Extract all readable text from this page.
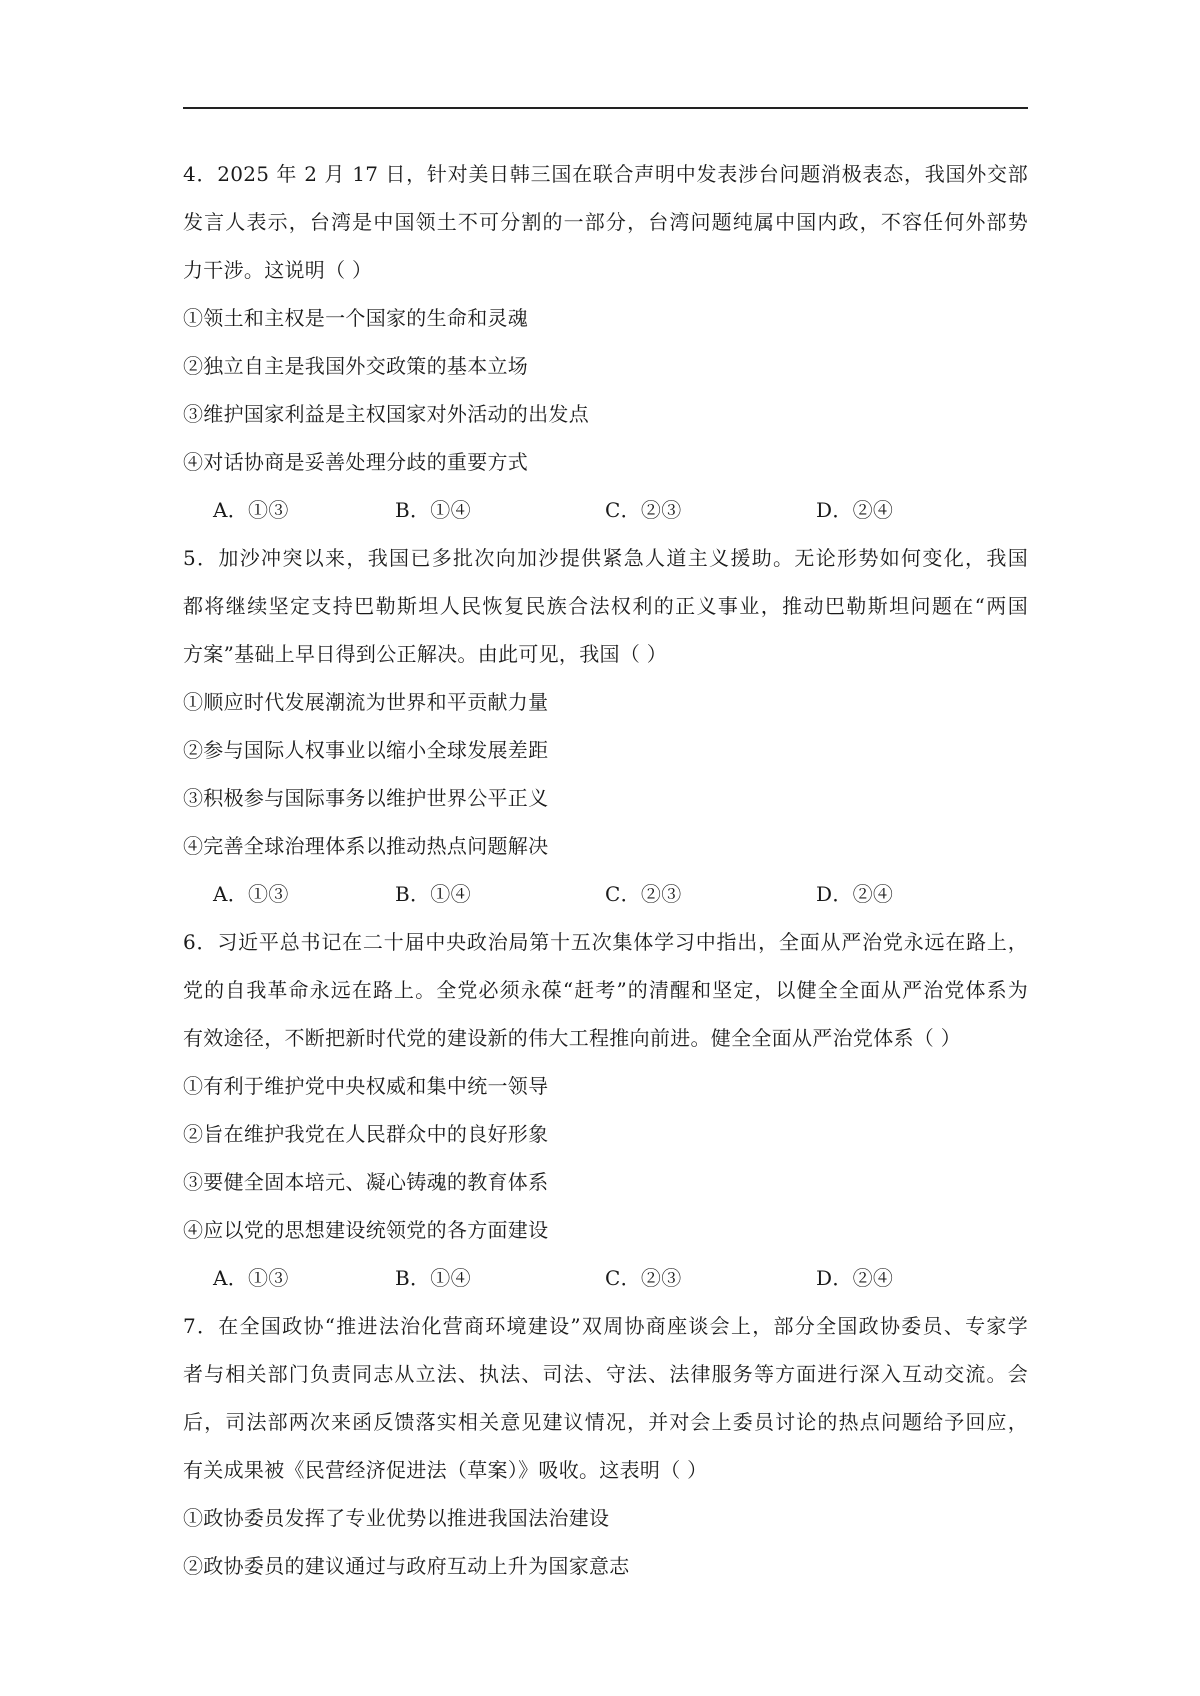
4．2025 年 2 月 17 日，针对美日韩三国在联合声明中发表涉台问题消极表态，我国外交部
发言人表示，台湾是中国领土不可分割的一部分，台湾问题纯属中国内政，不容任何外部势
力干涉。这说明（ ）
①领土和主权是一个国家的生命和灵魂
②独立自主是我国外交政策的基本立场
③维护国家利益是主权国家对外活动的出发点
④对话协商是妥善处理分歧的重要方式
A．①③	B．①④	C．②③	D．②④
5．加沙冲突以来，我国已多批次向加沙提供紧急人道主义援助。无论形势如何变化，我国
都将继续坚定支持巴勒斯坦人民恢复民族合法权利的正义事业，推动巴勒斯坦问题在“两国
方案”基础上早日得到公正解决。由此可见，我国（ ）
①顺应时代发展潮流为世界和平贡献力量
②参与国际人权事业以缩小全球发展差距
③积极参与国际事务以维护世界公平正义
④完善全球治理体系以推动热点问题解决
A．①③	B．①④	C．②③	D．②④
6．习近平总书记在二十届中央政治局第十五次集体学习中指出，全面从严治党永远在路上，
党的自我革命永远在路上。全党必须永葆“赶考”的清醒和坚定，以健全全面从严治党体系为
有效途径，不断把新时代党的建设新的伟大工程推向前进。健全全面从严治党体系（ ）
①有利于维护党中央权威和集中统一领导
②旨在维护我党在人民群众中的良好形象
③要健全固本培元、凝心铸魂的教育体系
④应以党的思想建设统领党的各方面建设
A．①③	B．①④	C．②③	D．②④
7．在全国政协“推进法治化营商环境建设”双周协商座谈会上，部分全国政协委员、专家学
者与相关部门负责同志从立法、执法、司法、守法、法律服务等方面进行深入互动交流。会
后，司法部两次来函反馈落实相关意见建议情况，并对会上委员讨论的热点问题给予回应，
有关成果被《民营经济促进法（草案）》吸收。这表明（ ）
①政协委员发挥了专业优势以推进我国法治建设
②政协委员的建议通过与政府互动上升为国家意志
